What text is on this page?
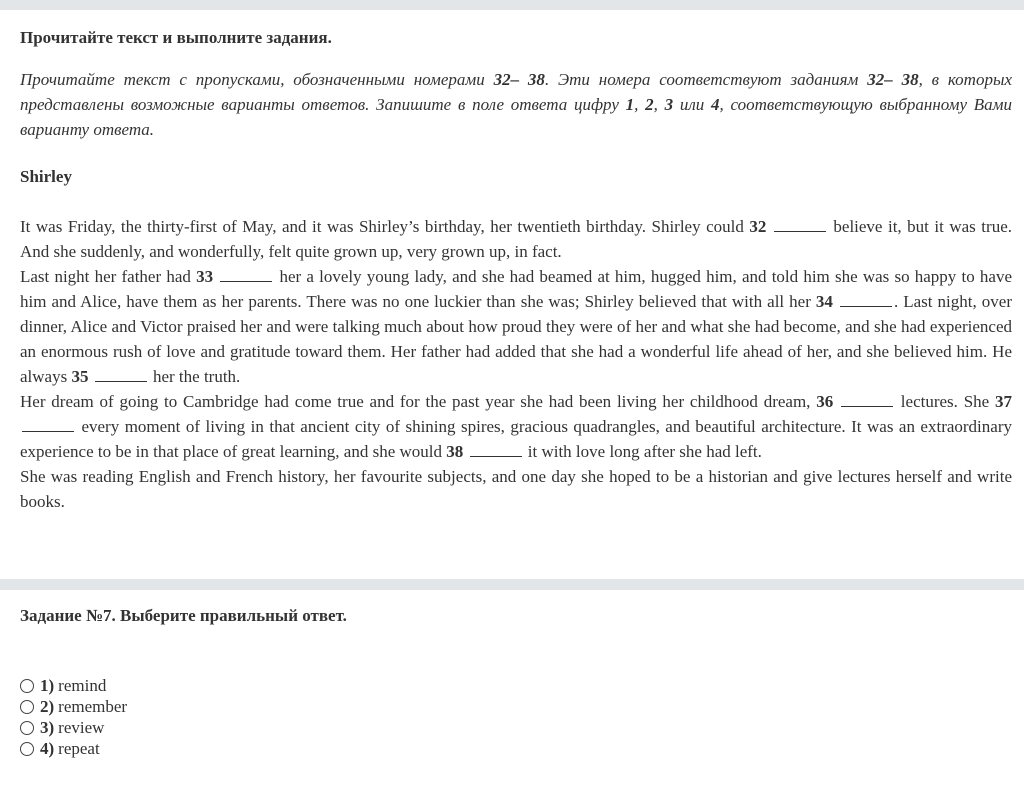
Прочитайте текст и выполните задания.

Прочитайте текст с пропусками, обозначенными номерами 32– 38. Эти номера соответствуют заданиям 32– 38, в которых представлены возможные варианты ответов. Запишите в поле ответа цифру 1, 2, 3 или 4, соответствующую выбранному Вами варианту ответа.

Shirley

It was Friday, the thirty-first of May, and it was Shirley’s birthday, her twentieth birthday. Shirley could 32	believe it, but it was true. And she suddenly, and wonderfully, felt quite grown up, very grown up, in fact.

Last night her father had 33	her a lovely young lady, and she had beamed at him, hugged him, and told him she was so happy to have him and Alice, have them as her parents. There was no one luckier than she was; Shirley believed that with all her 34	. Last night, over dinner, Alice and Victor praised her and were talking much about how proud they were of her and what she had become, and she had experienced an enormous rush of love and gratitude toward them. Her father had added that she had a wonderful life ahead of her, and she believed him. He always 35	her the truth.

Her dream of going to Cambridge had come true and for the past year she had been living her childhood dream, 36	lectures. She 37  every moment of living in that ancient city of shining spires, gracious quadrangles, and beautiful architecture. It was an extraordinary experience to be in that place of great learning, and she would 38	it with love long after she had left.

She was reading English and French history, her favourite subjects, and one day she hoped to be a historian and give lectures herself and write books.

Задание №7. Выберите правильный ответ.
1) remind
2) remember
3) review
4) repeat
